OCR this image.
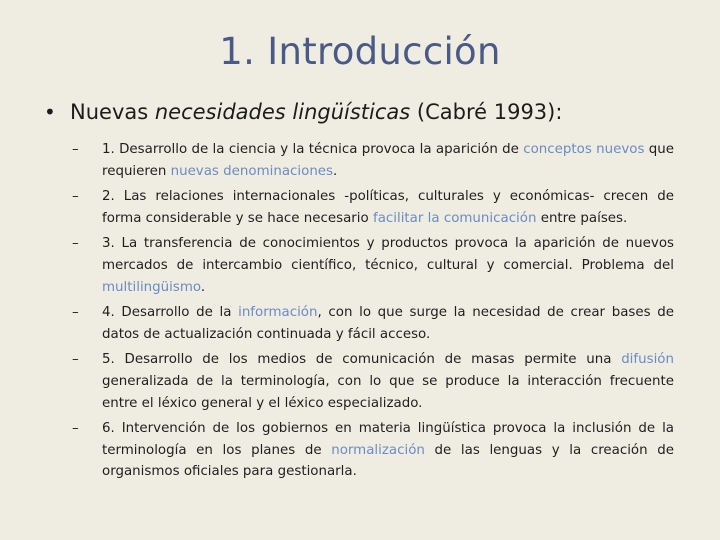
1. Introducción
• Nuevas necesidades lingüísticas (Cabré 1993):
–	1. Desarrollo de la ciencia y la técnica provoca la aparición de conceptos nuevos que requieren nuevas denominaciones.
–	2. Las relaciones internacionales -políticas, culturales y económicas- crecen de forma considerable y se hace necesario facilitar la comunicación entre países.
–	3. La transferencia de conocimientos y productos provoca la aparición de nuevos mercados de intercambio científico, técnico, cultural y comercial. Problema del multilingüismo.
–	4. Desarrollo de la información, con lo que surge la necesidad de crear bases de datos de actualización continuada y fácil acceso.
–	5. Desarrollo de los medios de comunicación de masas permite una difusión generalizada de la terminología, con lo que se produce la interacción frecuente entre el léxico general y el léxico especializado.
–	6. Intervención de los gobiernos en materia lingüística provoca la inclusión de la terminología en los planes de normalización de las lenguas y la creación de organismos oficiales para gestionarla.
